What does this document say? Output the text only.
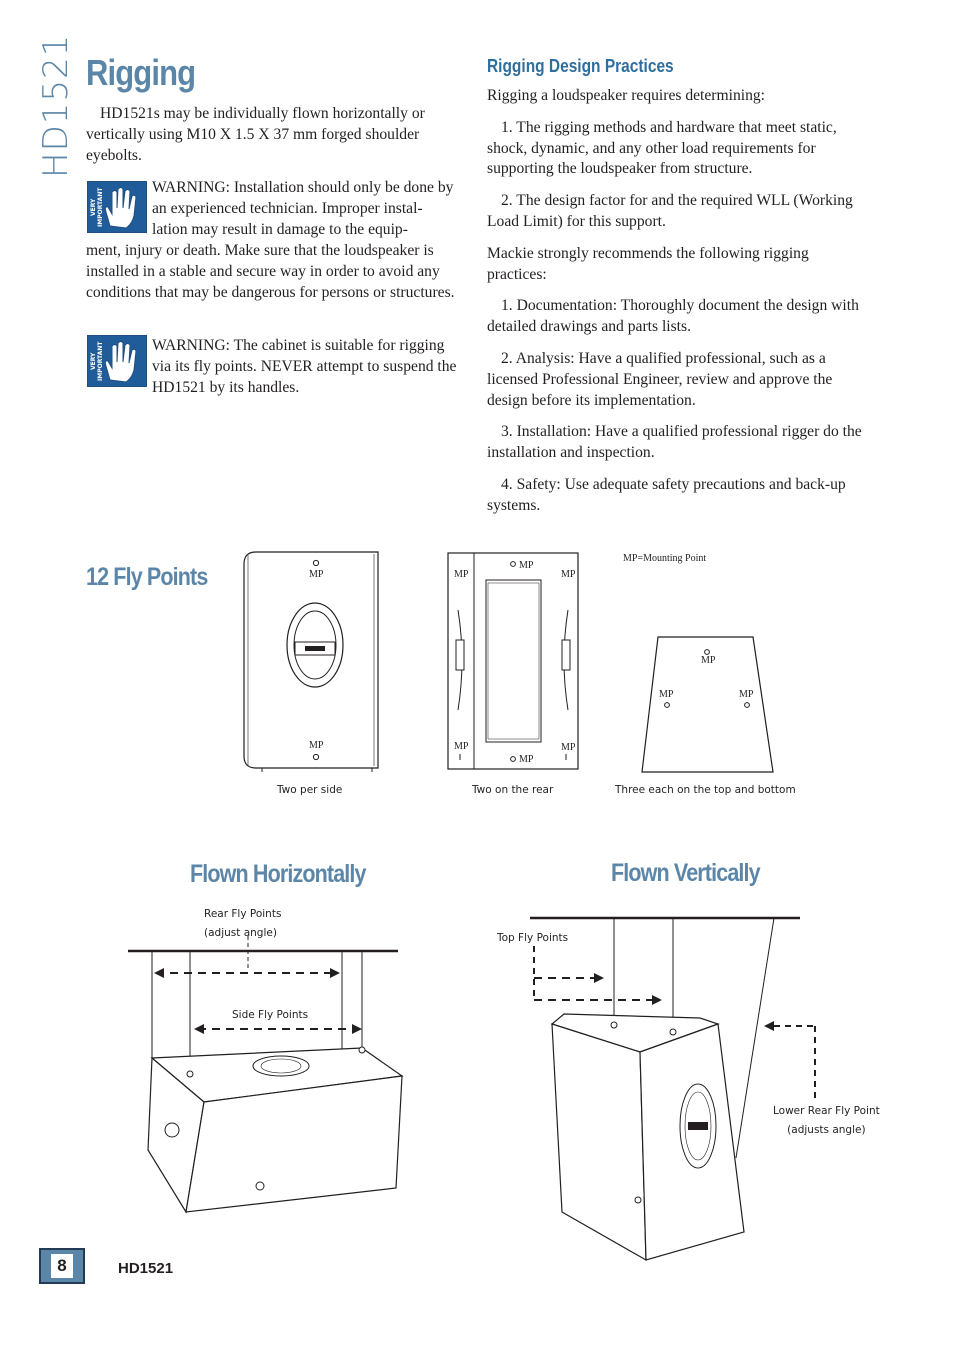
HD1521 Rigging
HD1521s may be individually flown horizontally or vertically using M10 X 1.5 X 37 mm forged shoulder eyebolts.
VERY IMPORTANT	WARNING: Installation should only be done by

an experienced technician. Improper instal-

lation may result in damage to the equip-

ment, injury or death. Make sure that the loudspeaker is installed in a stable and secure way in order to avoid any conditions that may be dangerous for persons or structures.
VERY IMPORTANT	WARNING: The cabinet is suitable for rigging via its fly points. NEVER attempt to suspend the HD1521 by its handles.
Rigging Design Practices

Rigging a loudspeaker requires determining:

1. The rigging methods and hardware that meet static, shock, dynamic, and any other load requirements for supporting the loudspeaker from structure.

2. The design factor for and the required WLL (Working Load Limit) for this support.

Mackie strongly recommends the following rigging practices:

1. Documentation: Thoroughly document the design with detailed drawings and parts lists.

2. Analysis: Have a qualified professional, such as a licensed Professional Engineer, review and approve the design before its implementation.

3. Installation: Have a qualified professional rigger do the installation and inspection.

4. Safety: Use adequate safety precautions and back-up systems.

12 Fly Points	MP
MP
MP
MP	MP
MP	MP
MP
MP=Mounting Point
MP
MP	MP
Two per side	Two on the rear	Three each on the top and bottom
Flown Horizontally
Rear Fly Points
(adjust angle)
Side Fly Points
Flown Vertically
Top Fly Points
Lower Rear Fly Point
(adjusts angle)
8	HD1521
